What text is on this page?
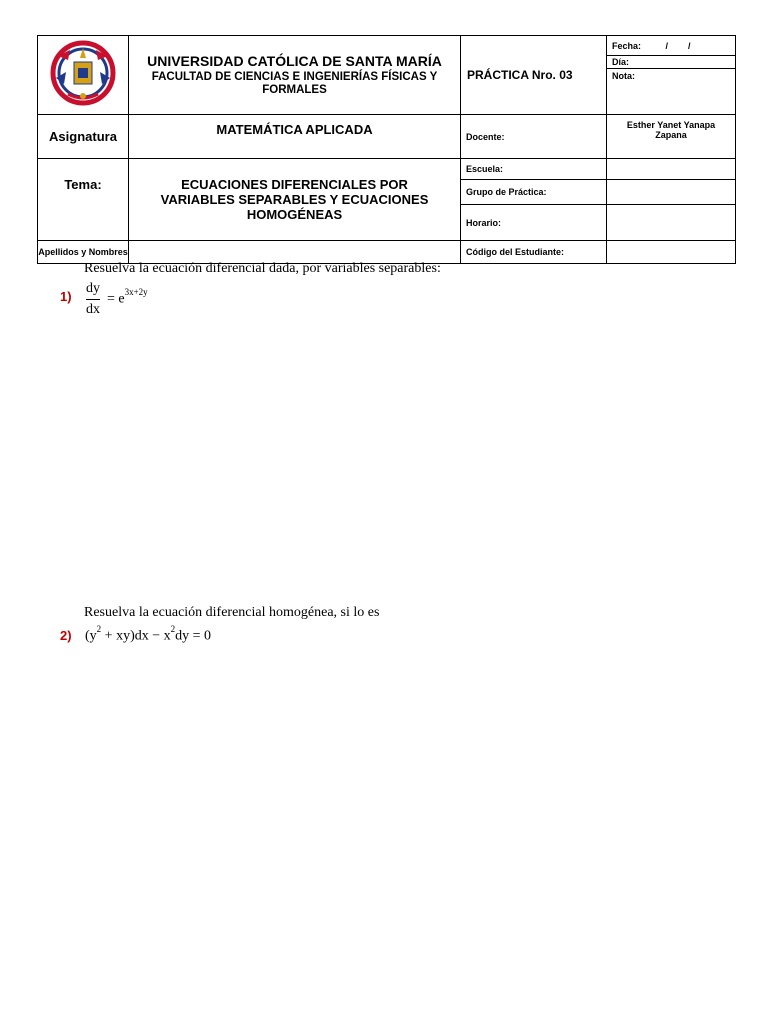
UNIVERSIDAD CATÓLICA DE SANTA MARÍA
FACULTAD DE CIENCIAS E INGENIERÍAS FÍSICAS Y FORMALES	PRÁCTICA Nro. 03	Fecha: /        /
			Día:
			Nota:
Asignatura	MATEMÁTICA APLICADA	Docente:	Esther Yanet Yanapa Zapana
Tema:	ECUACIONES DIFERENCIALES POR VARIABLES SEPARABLES Y ECUACIONES HOMOGÉNEAS	Escuela:	
		Grupo de Práctica:	
		Horario:	
Apellidos y Nombres		Código del Estudiante:	
Resuelva la ecuación diferencial dada, por variables separables:
1)
dy
dx
= $e^{3x+2y}$
Resuelva la ecuación diferencial homogénea, si lo es
2) $(y^2 + xy)dx - x^2dy = 0$
